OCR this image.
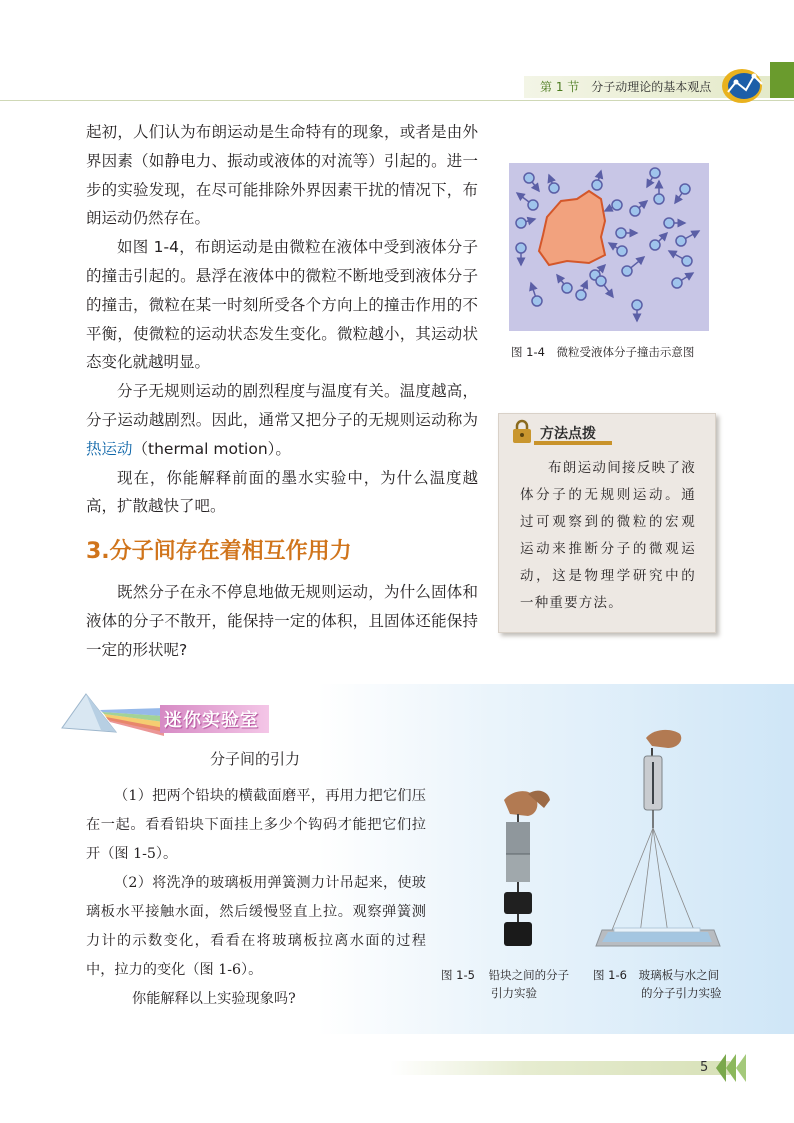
第 1 节 分子动理论的基本观点

起初，人们认为布朗运动是生命特有的现象，或者是由外界因素（如静电力、振动或液体的对流等）引起的。进一步的实验发现，在尽可能排除外界因素干扰的情况下，布朗运动仍然存在。

如图 1-4，布朗运动是由微粒在液体中受到液体分子的撞击引起的。悬浮在液体中的微粒不断地受到液体分子的撞击，微粒在某一时刻所受各个方向上的撞击作用的不平衡，使微粒的运动状态发生变化。微粒越小，其运动状态变化就越明显。

分子无规则运动的剧烈程度与温度有关。温度越高，分子运动越剧烈。因此，通常又把分子的无规则运动称为热运动（thermal motion）。

现在，你能解释前面的墨水实验中，为什么温度越高，扩散越快了吧。

3.分子间存在着相互作用力

既然分子在永不停息地做无规则运动，为什么固体和液体的分子不散开，能保持一定的体积，且固体还能保持一定的形状呢?

图 1-4　微粒受液体分子撞击示意图
方法点拨

布朗运动间接反映了液体分子的无规则运动。通过可观察到的微粒的宏观运动来推断分子的微观运动，这是物理学研究中的一种重要方法。

迷你实验室
分子间的引力

（1）把两个铅块的横截面磨平，再用力把它们压在一起。看看铅块下面挂上多少个钩码才能把它们拉开（图 1-5）。

（2）将洗净的玻璃板用弹簧测力计吊起来，使玻璃板水平接触水面，然后缓慢竖直上拉。观察弹簧测力计的示数变化，看看在将玻璃板拉离水面的过程中，拉力的变化（图 1-6）。

你能解释以上实验现象吗?

图 1-5 铅块之间的分子
引力实验
图 1-6 玻璃板与水之间
的分子引力实验
5
